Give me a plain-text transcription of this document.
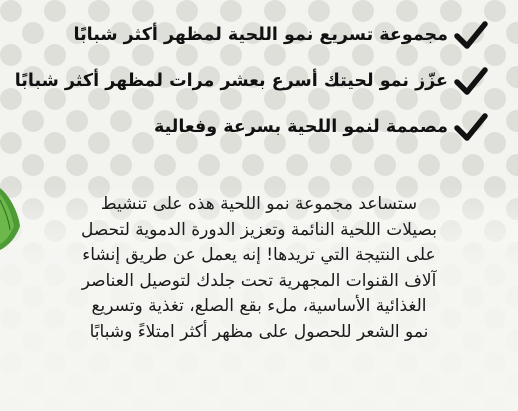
مجموعة تسريع نمو اللحية لمظهر أكثر شبابًا
عزّز نمو لحيتك أسرع بعشر مرات لمظهر أكثر شبابًا
مصممة لنمو اللحية بسرعة وفعالية
ستساعد مجموعة نمو اللحية هذه على تنشيط
بصيلات اللحية النائمة وتعزيز الدورة الدموية لتحصل
على النتيجة التي تريدها! إنه يعمل عن طريق إنشاء
آلاف القنوات المجهرية تحت جلدك لتوصيل العناصر
الغذائية الأساسية، ملء بقع الصلع، تغذية وتسريع
نمو الشعر للحصول على مظهر أكثر امتلاءً وشبابًا
